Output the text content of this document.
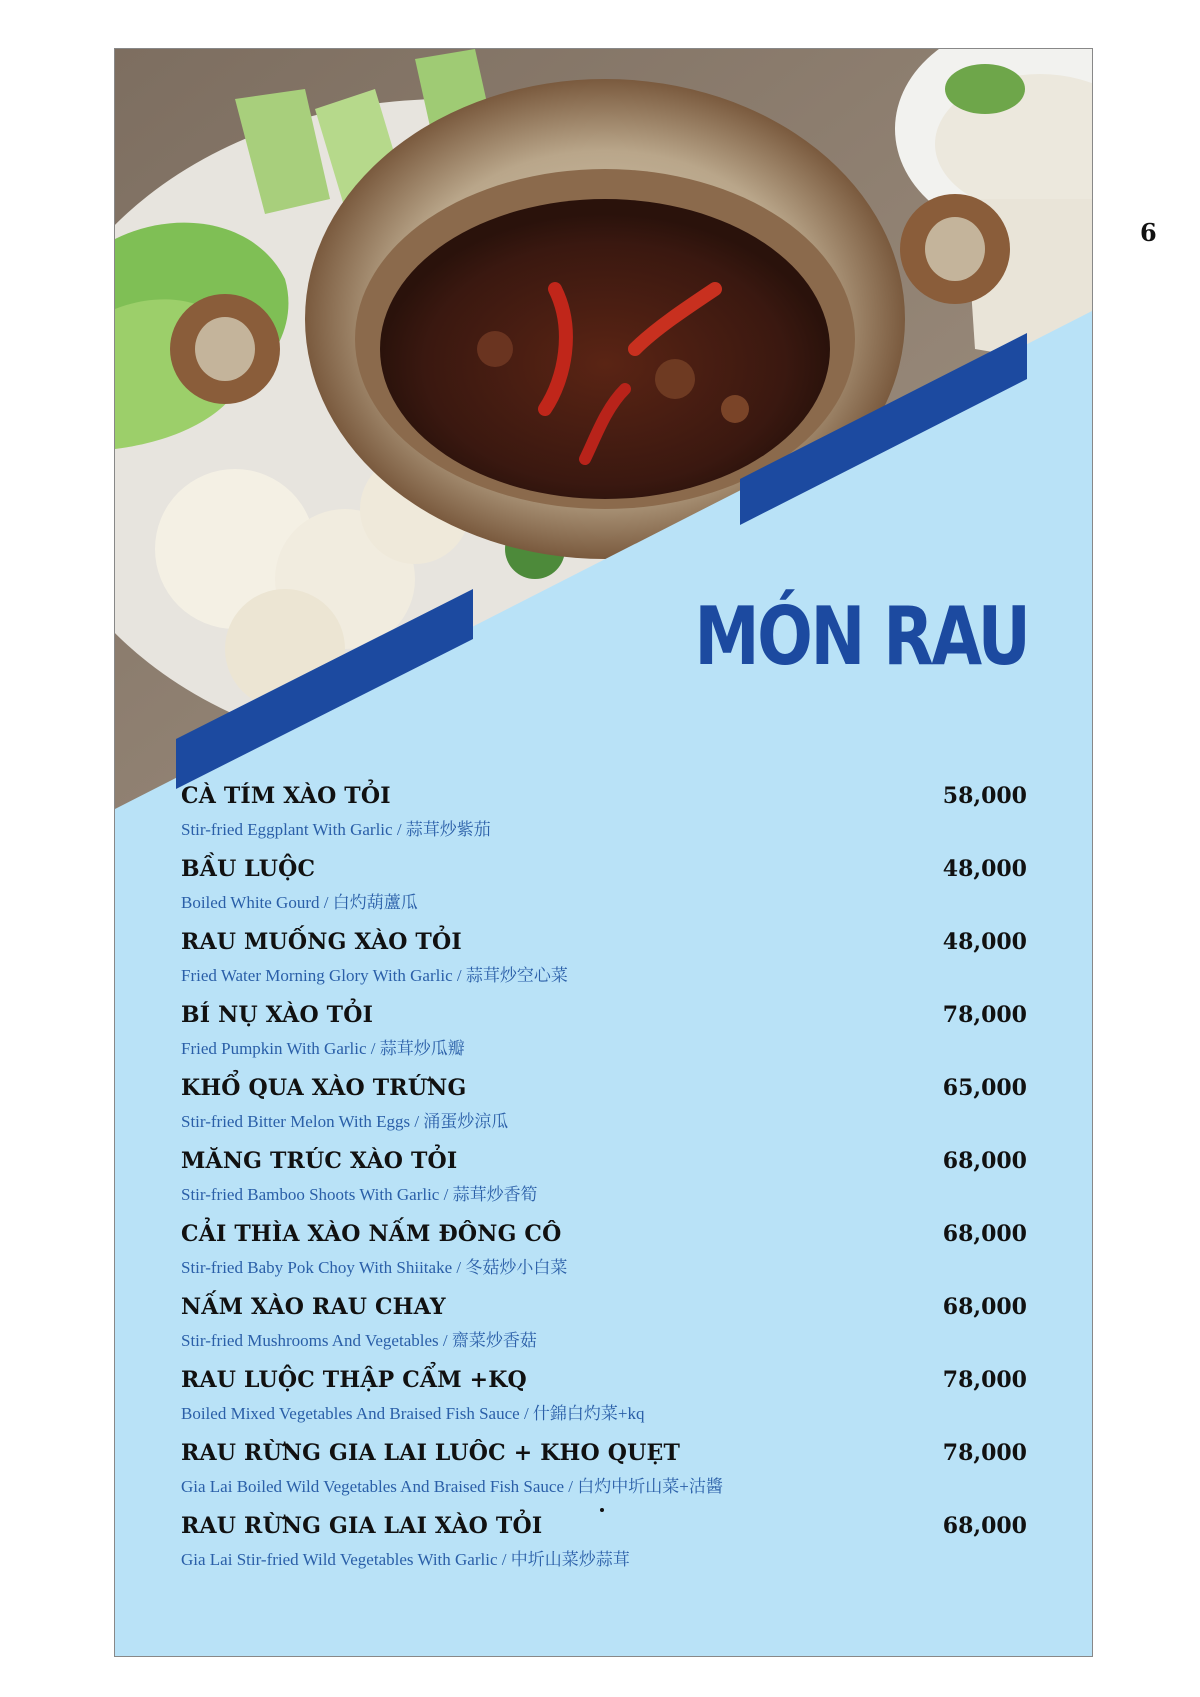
6
MÓN RAU
CÀ TÍM XÀO TỎI
Stir-fried Eggplant With Garlic / 蒜茸炒紫茄
58,000
BẦU LUỘC
Boiled White Gourd / 白灼葫蘆瓜
48,000
RAU MUỐNG XÀO TỎI
Fried Water Morning Glory With Garlic / 蒜茸炒空心菜
48,000
BÍ NỤ XÀO TỎI
Fried Pumpkin With Garlic / 蒜茸炒瓜瓣
78,000
KHỔ QUA XÀO TRỨNG
Stir-fried Bitter Melon With Eggs / 涌蛋炒涼瓜
65,000
MĂNG TRÚC XÀO TỎI
Stir-fried Bamboo Shoots With Garlic / 蒜茸炒香筍
68,000
CẢI THÌA XÀO NẤM ĐÔNG CÔ
Stir-fried Baby Pok Choy With Shiitake / 冬菇炒小白菜
68,000
NẤM XÀO RAU CHAY
Stir-fried Mushrooms And Vegetables / 齋菜炒香菇
68,000
RAU LUỘC THẬP CẨM +KQ
Boiled Mixed Vegetables And Braised Fish Sauce / 什錦白灼菜+kq
78,000
RAU RỪNG GIA LAI LUÔC + KHO QUẸT
Gia Lai Boiled Wild Vegetables And Braised Fish Sauce / 白灼中圻山菜+沽醬
78,000
RAU RỪNG GIA LAI XÀO TỎI
Gia Lai Stir-fried Wild Vegetables With Garlic / 中圻山菜炒蒜茸
68,000
